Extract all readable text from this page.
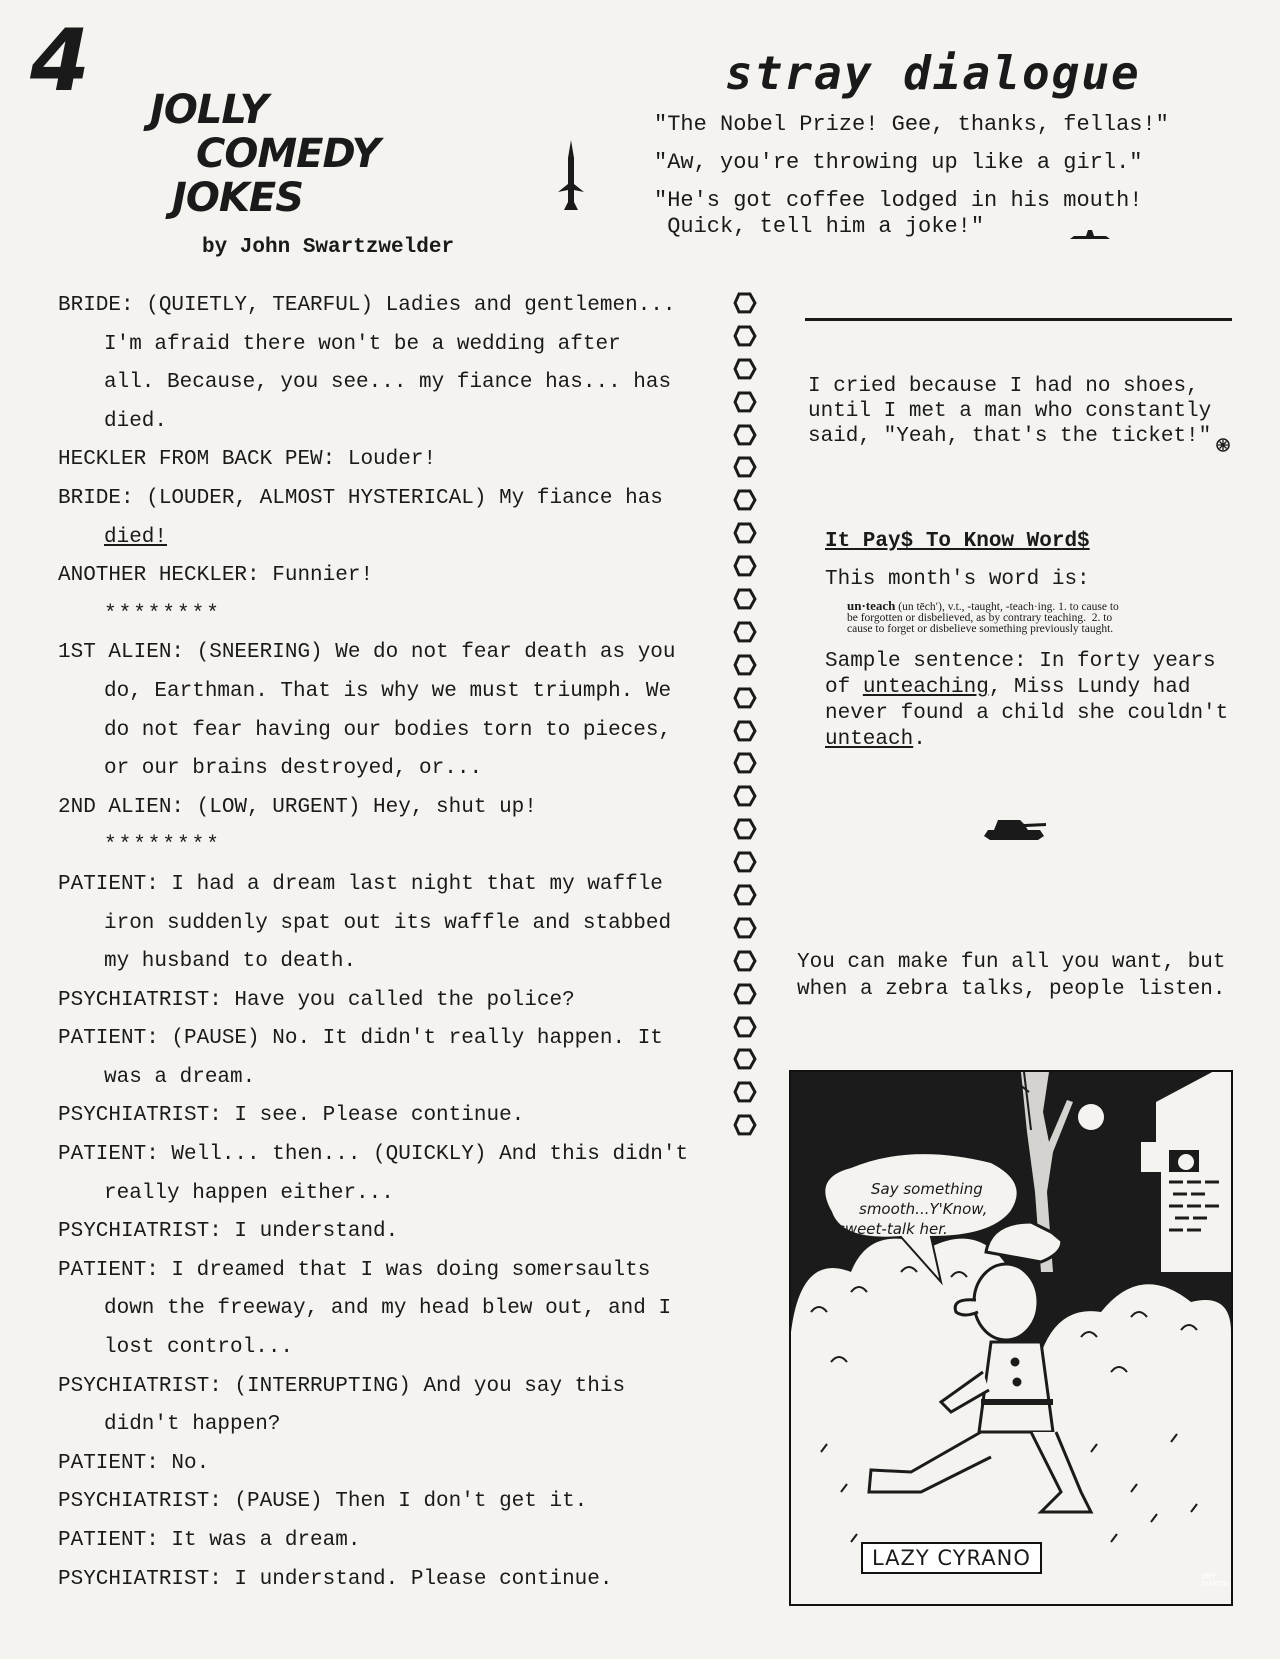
4 JOLLY
COMEDY
JOKES
by John Swartzwelder
stray dialogue
"The Nobel Prize! Gee, thanks, fellas!"
"Aw, you're throwing up like a girl."
"He's got coffee lodged in his mouth!
Quick, tell him a joke!"
BRIDE: (QUIETLY, TEARFUL) Ladies and gentlemen...
I'm afraid there won't be a wedding after
all. Because, you see... my fiance has... has
died.
HECKLER FROM BACK PEW: Louder!
BRIDE: (LOUDER, ALMOST HYSTERICAL) My fiance has
died!
ANOTHER HECKLER: Funnier!
********
1ST ALIEN: (SNEERING) We do not fear death as you
do, Earthman. That is why we must triumph. We
do not fear having our bodies torn to pieces,
or our brains destroyed, or...
2ND ALIEN: (LOW, URGENT) Hey, shut up!
********
PATIENT: I had a dream last night that my waffle
iron suddenly spat out its waffle and stabbed
my husband to death.
PSYCHIATRIST: Have you called the police?
PATIENT: (PAUSE) No. It didn't really happen. It
was a dream.
PSYCHIATRIST: I see. Please continue.
PATIENT: Well... then... (QUICKLY) And this didn't
really happen either...
PSYCHIATRIST: I understand.
PATIENT: I dreamed that I was doing somersaults
down the freeway, and my head blew out, and I
lost control...
PSYCHIATRIST: (INTERRUPTING) And you say this
didn't happen?
PATIENT: No.
PSYCHIATRIST: (PAUSE) Then I don't get it.
PATIENT: It was a dream.
PSYCHIATRIST: I understand. Please continue.
I cried because I had no shoes,
until I met a man who constantly
said, "Yeah, that's the ticket!"
It Pay$ To Know Word$
This month's word is:
un·teach (un tēch′), v.t., -taught, -teach·ing. 1. to cause to
be forgotten or disbelieved, as by contrary teaching.  2. to
cause to forget or disbelieve something previously taught.
Sample sentence: In forty years
of unteaching, Miss Lundy had
never found a child she couldn't
unteach.
You can make fun all you want, but
when a zebra talks, people listen.
Say something
smooth...Y'Know,
sweet-talk her.
LAZY CYRANO
JEFF
MARTIN
